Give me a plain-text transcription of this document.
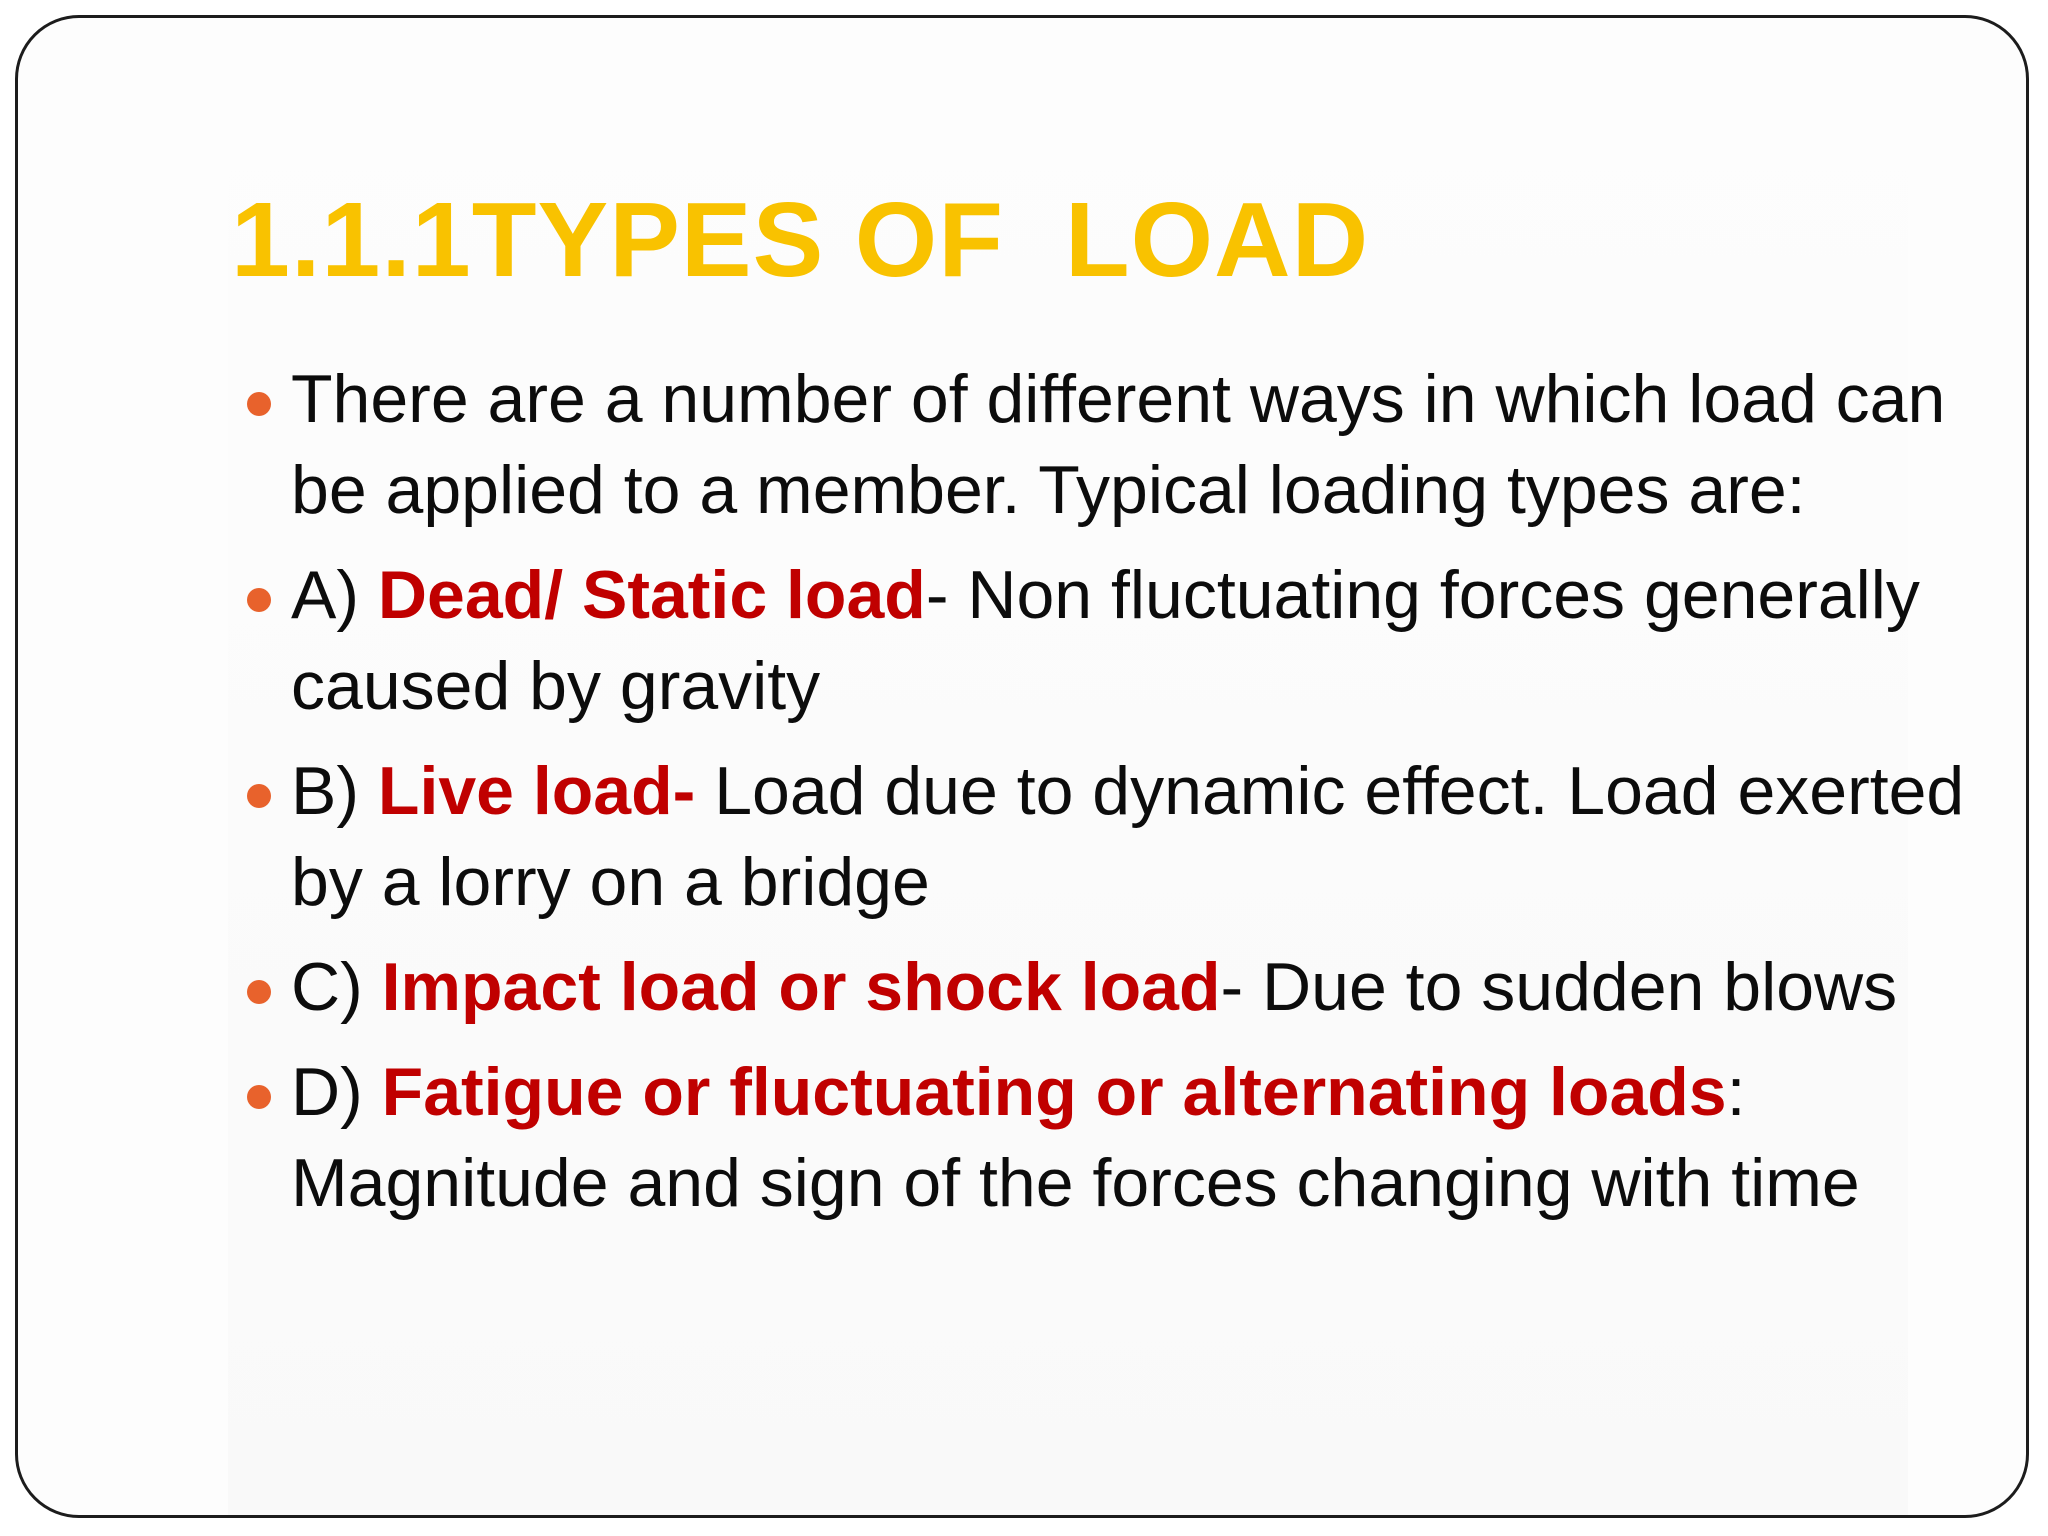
1.1.1TYPES OF  LOAD
There are a number of different ways in which load can be applied to a member. Typical loading types are:
A) Dead/ Static load- Non fluctuating forces generally caused by gravity
B) Live load- Load due to dynamic effect. Load exerted by a lorry on a bridge
C) Impact load or shock load- Due to sudden blows
D) Fatigue or fluctuating or alternating loads: Magnitude and sign of the forces changing with time
